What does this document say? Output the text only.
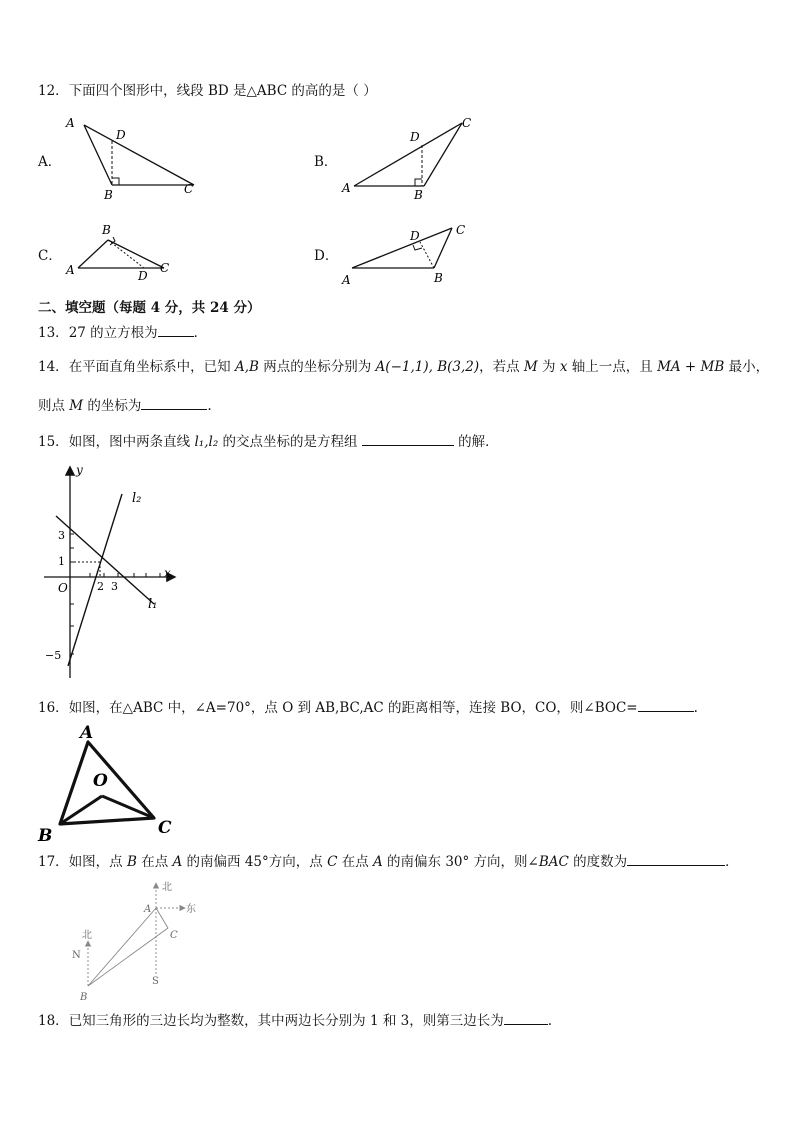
12．下面四个图形中，线段 BD 是△ABC 的高的是（ ）
A．
A
D
B	C
B．
A
D
B
C
C．
A
B
D
C
D．
A
D
B
C
二、填空题（每题 4 分，共 24 分）
13．27 的立方根为	．
14．在平面直角坐标系中，已知 A,B 两点的坐标分别为 A(−1,1), B(3,2)，若点 M 为 x 轴上一点，且 MA + MB 最小，
则点 M 的坐标为	.
15．如图，图中两条直线 l₁,l₂ 的交点坐标的是方程组	的解．
y
x
O
3
1
2 3
−5
l₂
l₁
16．如图，在△ABC 中，∠A=70°，点 O 到 AB,BC,AC 的距离相等，连接 BO，CO，则∠BOC=	.
A
O
B	C
17．如图，点 B 在点 A 的南偏西 45°方向，点 C 在点 A 的南偏东 30° 方向，则∠BAC 的度数为	．
北
A	东
C
北
N
S
B
18．已知三角形的三边长均为整数，其中两边长分别为 1 和 3，则第三边长为	.
